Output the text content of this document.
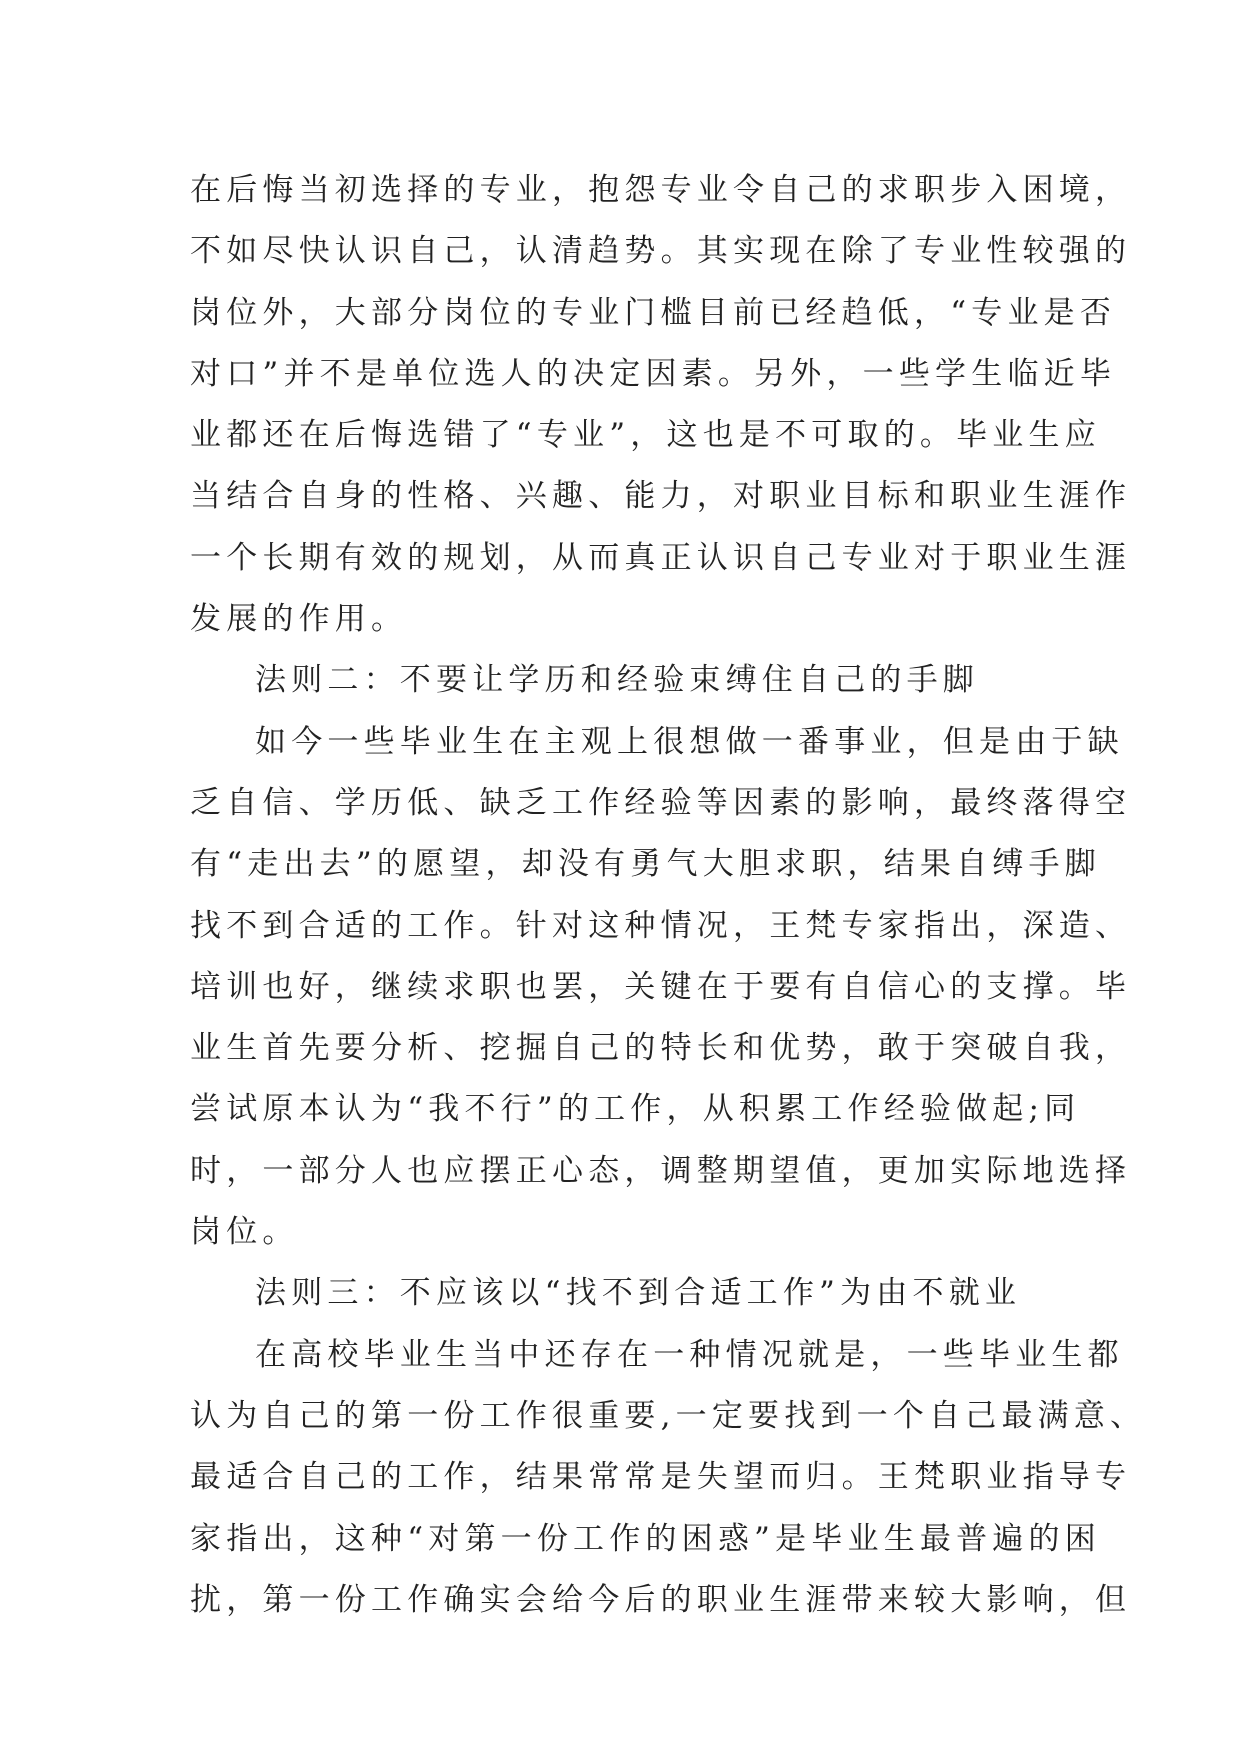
在后悔当初选择的专业，抱怨专业令自己的求职步入困境，
不如尽快认识自己，认清趋势。其实现在除了专业性较强的
岗位外，大部分岗位的专业门槛目前已经趋低，“专业是否
对口”并不是单位选人的决定因素。另外，一些学生临近毕
业都还在后悔选错了“专业”，这也是不可取的。毕业生应
当结合自身的性格、兴趣、能力，对职业目标和职业生涯作
一个长期有效的规划，从而真正认识自己专业对于职业生涯
发展的作用。
法则二：不要让学历和经验束缚住自己的手脚
如今一些毕业生在主观上很想做一番事业，但是由于缺
乏自信、学历低、缺乏工作经验等因素的影响，最终落得空
有“走出去”的愿望，却没有勇气大胆求职，结果自缚手脚
找不到合适的工作。针对这种情况，王梵专家指出，深造、
培训也好，继续求职也罢，关键在于要有自信心的支撑。毕
业生首先要分析、挖掘自己的特长和优势，敢于突破自我，
尝试原本认为“我不行”的工作，从积累工作经验做起;同
时，一部分人也应摆正心态，调整期望值，更加实际地选择
岗位。
法则三：不应该以“找不到合适工作”为由不就业
在高校毕业生当中还存在一种情况就是，一些毕业生都
认为自己的第一份工作很重要,一定要找到一个自己最满意、
最适合自己的工作，结果常常是失望而归。王梵职业指导专
家指出，这种“对第一份工作的困惑”是毕业生最普遍的困
扰，第一份工作确实会给今后的职业生涯带来较大影响，但
